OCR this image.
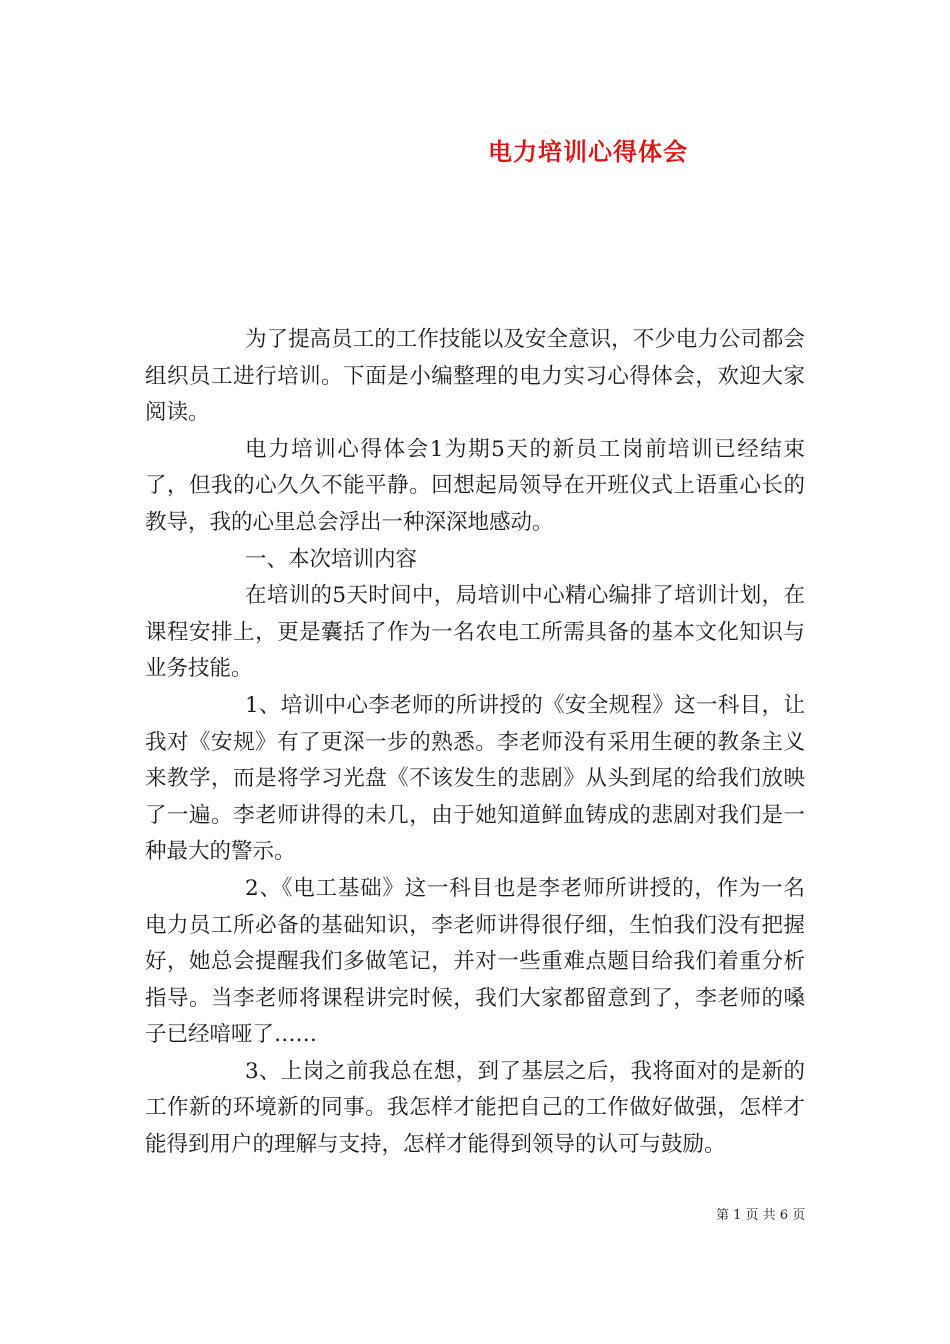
电力培训心得体会

为了提高员工的工作技能以及安全意识，不少电力公司都会组织员工进行培训。下面是小编整理的电力实习心得体会，欢迎大家阅读。

电力培训心得体会1为期5天的新员工岗前培训已经结束了，但我的心久久不能平静。回想起局领导在开班仪式上语重心长的教导，我的心里总会浮出一种深深地感动。

一、本次培训内容

在培训的5天时间中，局培训中心精心编排了培训计划，在课程安排上，更是囊括了作为一名农电工所需具备的基本文化知识与业务技能。

1、培训中心李老师的所讲授的《安全规程》这一科目，让我对《安规》有了更深一步的熟悉。李老师没有采用生硬的教条主义来教学，而是将学习光盘《不该发生的悲剧》从头到尾的给我们放映了一遍。李老师讲得的未几，由于她知道鲜血铸成的悲剧对我们是一种最大的警示。

2、《电工基础》这一科目也是李老师所讲授的，作为一名电力员工所必备的基础知识，李老师讲得很仔细，生怕我们没有把握好，她总会提醒我们多做笔记，并对一些重难点题目给我们着重分析指导。当李老师将课程讲完时候，我们大家都留意到了，李老师的嗓子已经喑哑了……

3、上岗之前我总在想，到了基层之后，我将面对的是新的工作新的环境新的同事。我怎样才能把自己的工作做好做强，怎样才能得到用户的理解与支持，怎样才能得到领导的认可与鼓励。

第 1 页 共 6 页
